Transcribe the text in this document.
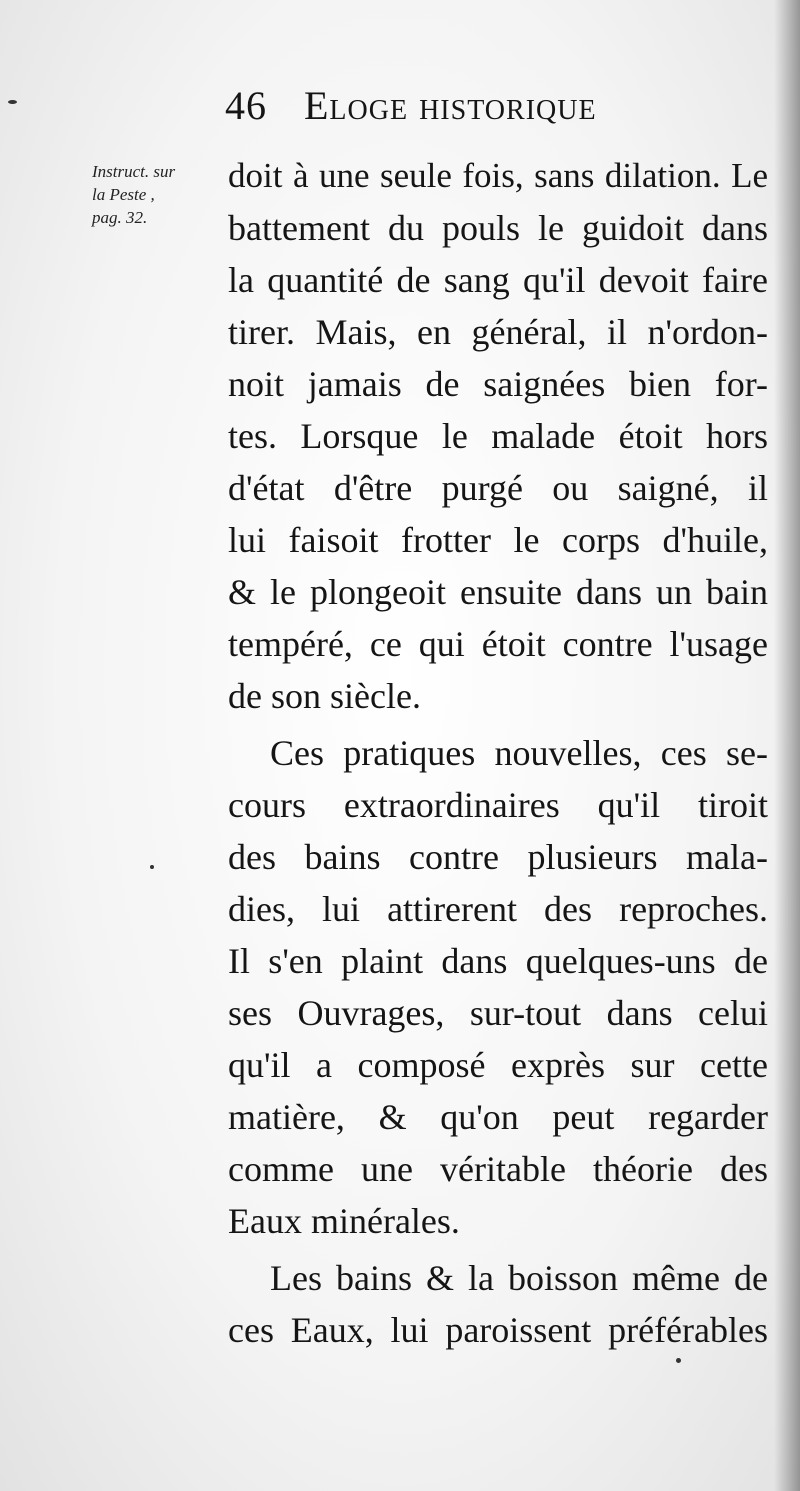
46 Eloge historique
Instruct. sur
la Peste ,
pag. 32.
doit à une seule fois, sans dilation. Le
battement du pouls le guidoit dans
la quantité de sang qu'il devoit faire
tirer. Mais, en général, il n'ordon-
noit jamais de saignées bien for-
tes. Lorsque le malade étoit hors
d'état d'être purgé ou saigné, il
lui faisoit frotter le corps d'huile,
& le plongeoit ensuite dans un bain
tempéré, ce qui étoit contre l'usage
de son siècle.
Ces pratiques nouvelles, ces se-
cours extraordinaires qu'il tiroit
des bains contre plusieurs mala-
dies, lui attirerent des reproches.
Il s'en plaint dans quelques-uns de
ses Ouvrages, sur-tout dans celui
qu'il a composé exprès sur cette
matière, & qu'on peut regarder
comme une véritable théorie des
Eaux minérales.
Les bains & la boisson même de
ces Eaux, lui paroissent préférables
